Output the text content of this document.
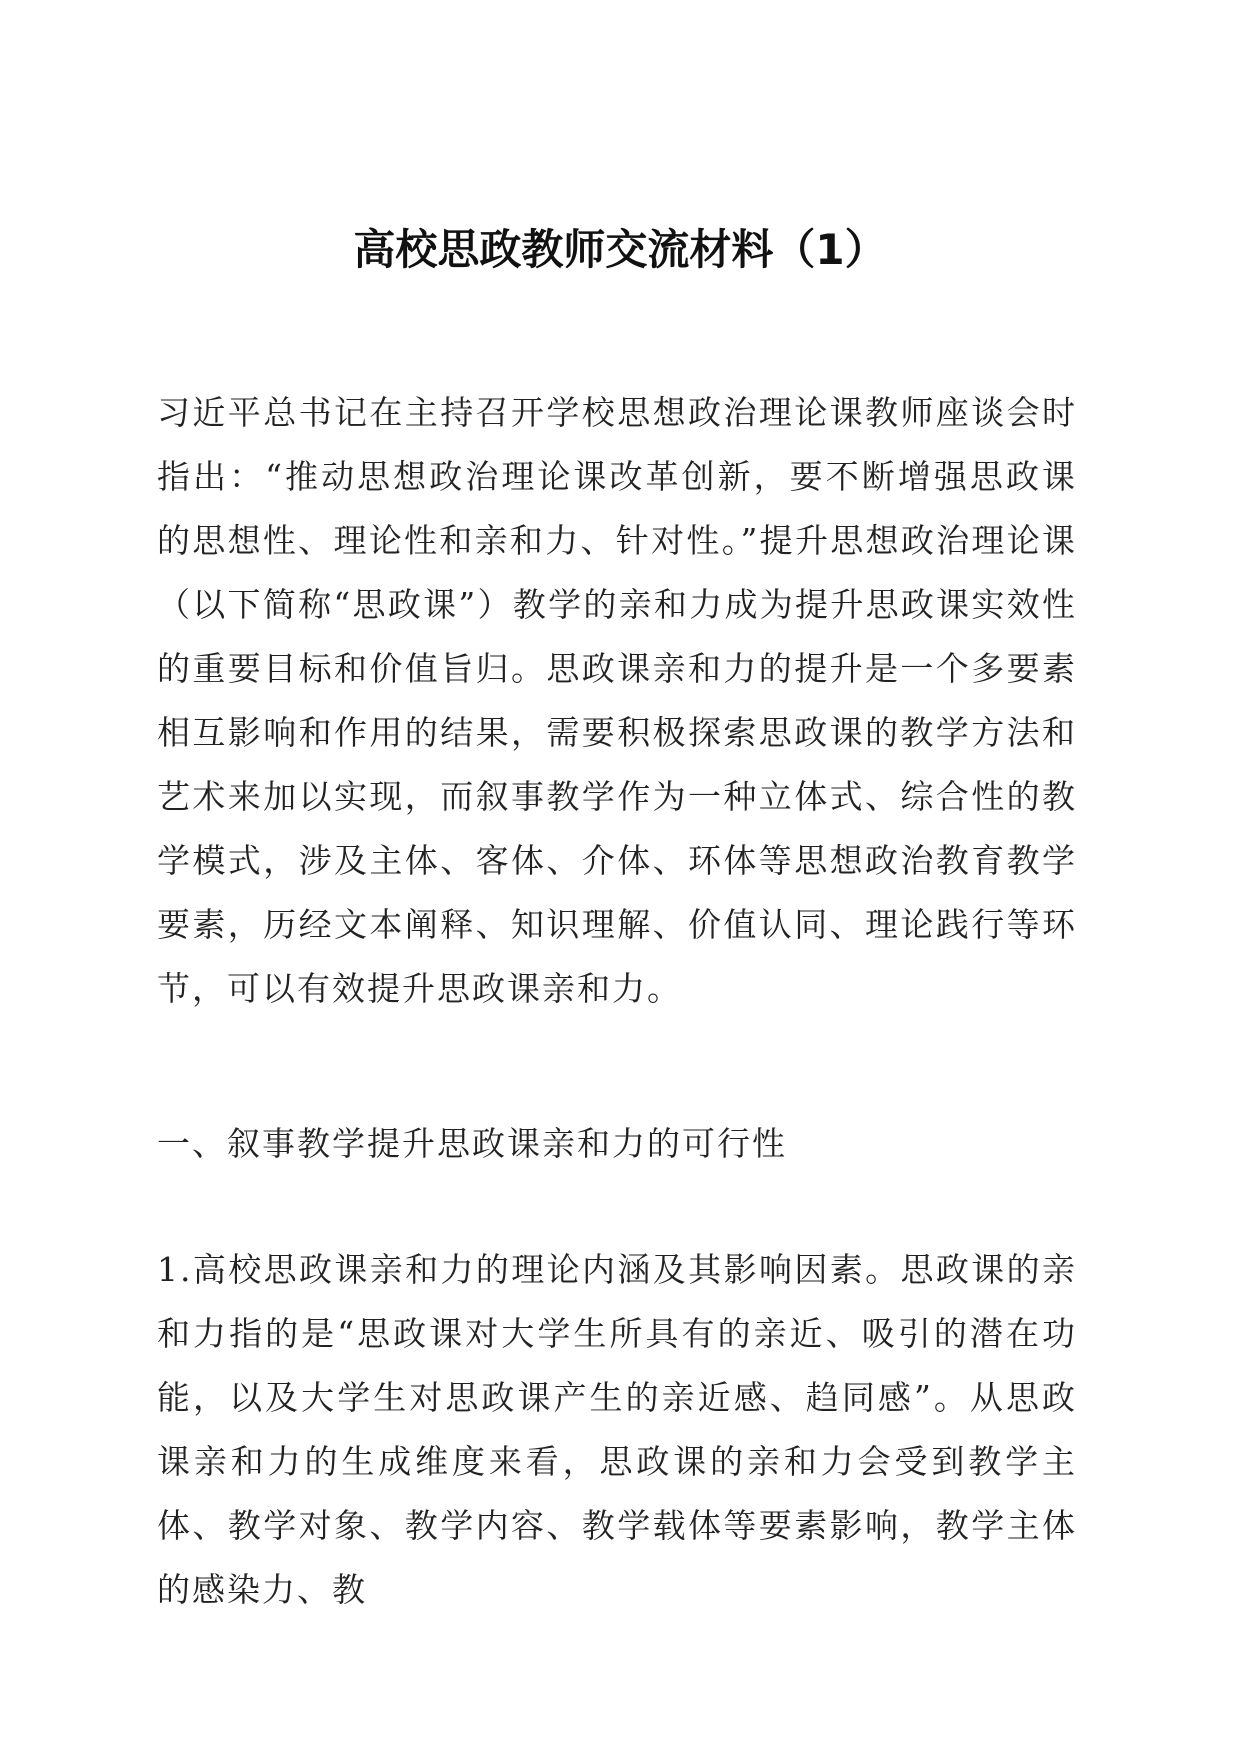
高校思政教师交流材料（1）

习近平总书记在主持召开学校思想政治理论课教师座谈会时指出：“推动思想政治理论课改革创新，要不断增强思政课的思想性、理论性和亲和力、针对性。”提升思想政治理论课（以下简称“思政课”）教学的亲和力成为提升思政课实效性的重要目标和价值旨归。思政课亲和力的提升是一个多要素相互影响和作用的结果，需要积极探索思政课的教学方法和艺术来加以实现，而叙事教学作为一种立体式、综合性的教学模式，涉及主体、客体、介体、环体等思想政治教育教学要素，历经文本阐释、知识理解、价值认同、理论践行等环节，可以有效提升思政课亲和力。

一、叙事教学提升思政课亲和力的可行性

1.高校思政课亲和力的理论内涵及其影响因素。思政课的亲和力指的是“思政课对大学生所具有的亲近、吸引的潜在功能，以及大学生对思政课产生的亲近感、趋同感”。从思政课亲和力的生成维度来看，思政课的亲和力会受到教学主体、教学对象、教学内容、教学载体等要素影响，教学主体的感染力、教
